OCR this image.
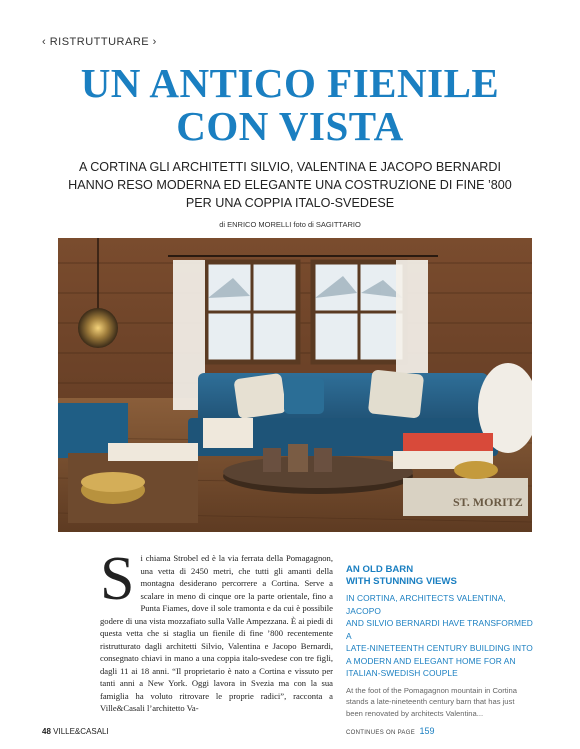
‹ RISTRUTTURARE ›
UN ANTICO FIENILE
CON VISTA
A CORTINA GLI ARCHITETTI SILVIO, VALENTINA E JACOPO BERNARDI
HANNO RESO MODERNA ED ELEGANTE UNA COSTRUZIONE DI FINE ’800
PER UNA COPPIA ITALO-SVEDESE
di ENRICO MORELLI foto di SAGITTARIO
ST. MORITZ
S i chiama Strobel ed è la via ferrata della Pomagagnon, una vetta di 2450 metri, che tutti gli amanti della montagna desiderano percorrere a Cortina. Serve a scalare in meno di cinque ore la parte orientale, fino a Punta Fiames, dove il sole tramonta e da cui è possibile godere di una vista mozzafiato sulla Valle Ampezzana. È ai piedi di questa vetta che si staglia un fienile di fine ’800 recentemente ristrutturato dagli architetti Silvio, Valentina e Jacopo Bernardi, consegnato chiavi in mano a una coppia italo-svedese con tre figli, dagli 11 ai 18 anni. “Il proprietario è nato a Cortina e vissuto per tanti anni a New York. Oggi lavora in Svezia ma con la sua famiglia ha voluto ritrovare le proprie radici”, racconta a Ville&Casali l’architetto Va-
AN OLD BARN
WITH STUNNING VIEWS
IN CORTINA, ARCHITECTS VALENTINA, JACOPO
AND SILVIO BERNARDI HAVE TRANSFORMED A
LATE-NINETEENTH CENTURY BUILDING INTO
A MODERN AND ELEGANT HOME FOR AN
ITALIAN-SWEDISH COUPLE
At the foot of the Pomagagnon mountain in Cortina
stands a late-nineteenth century barn that has just
been renovated by architects Valentina...
CONTINUES ON PAGE 159
48 VILLE&CASALI
